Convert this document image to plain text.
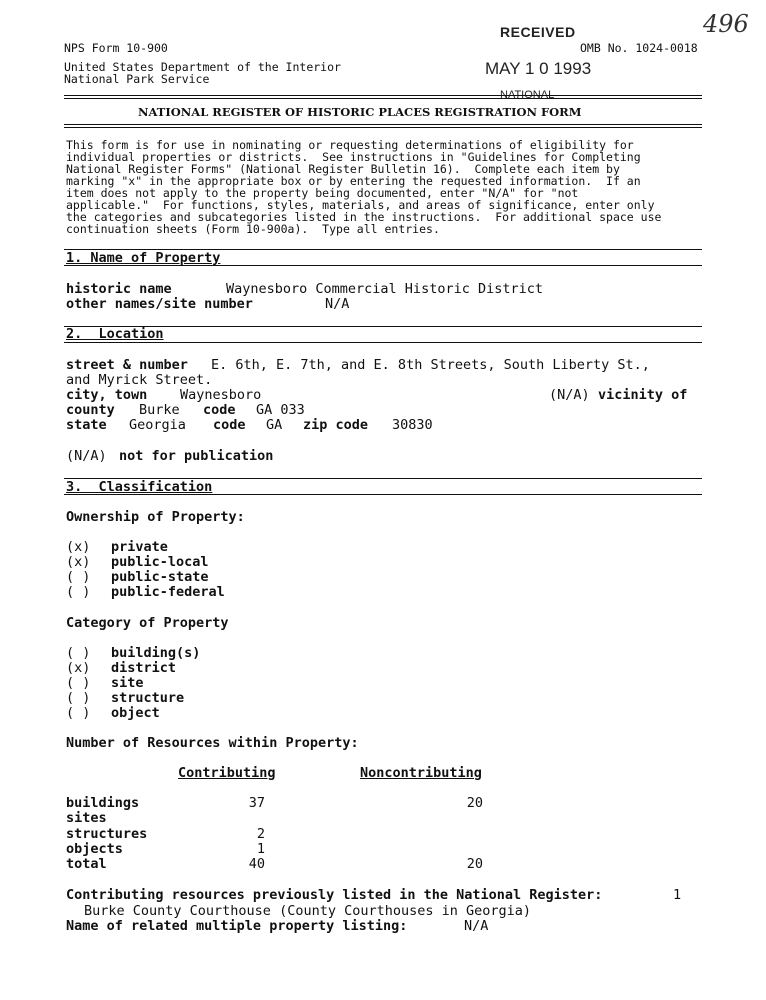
NPS Form 10-900	OMB No. 1024-0018
United States Department of the Interior
National Park Service
RECEIVED
MAY 1 0 1993
NATIONAL
496
NATIONAL REGISTER OF HISTORIC PLACES REGISTRATION FORM
This form is for use in nominating or requesting determinations of eligibility for
individual properties or districts.  See instructions in "Guidelines for Completing
National Register Forms" (National Register Bulletin 16).  Complete each item by
marking "x" in the appropriate box or by entering the requested information.  If an
item does not apply to the property being documented, enter "N/A" for "not
applicable."  For functions, styles, materials, and areas of significance, enter only
the categories and subcategories listed in the instructions.  For additional space use
continuation sheets (Form 10-900a).  Type all entries.
1. Name of Property
historic name	Waynesboro Commercial Historic District
other names/site number	N/A
2.  Location
street & number E. 6th, E. 7th, and E. 8th Streets, South Liberty St.,
and Myrick Street.
city, town Waynesboro	(N/A) vicinity of
county Burke code GA 033
state Georgia code GA zip code 30830
(N/A) not for publication
3.  Classification
Ownership of Property:
(x) private
(x) public-local
( ) public-state
( ) public-federal
Category of Property
( ) building(s)
(x) district
( ) site
( ) structure
( ) object
Number of Resources within Property:
Contributing	Noncontributing
buildings	37	20
sites
structures	2
objects	1
total	40	20
Contributing resources previously listed in the National Register:	1
Burke County Courthouse (County Courthouses in Georgia)
Name of related multiple property listing:	N/A
